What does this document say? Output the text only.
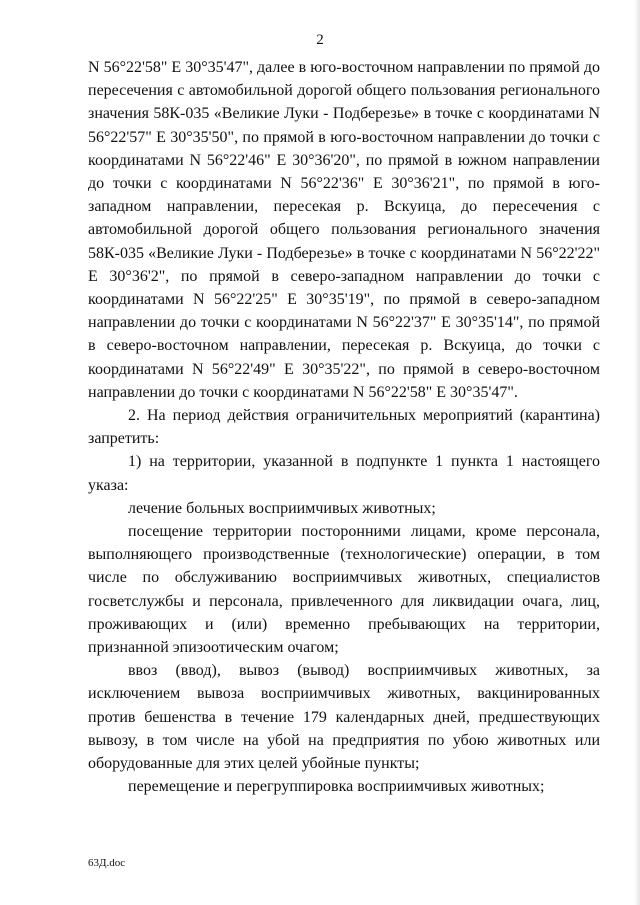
2

N 56°22'58" E 30°35'47", далее в юго-восточном направлении по прямой до пересечения с автомобильной дорогой общего пользования регионального значения 58К-035 «Великие Луки - Подберезье» в точке с координатами N 56°22'57" E 30°35'50", по прямой в юго-восточном направлении до точки с координатами N 56°22'46" E 30°36'20", по прямой в южном направлении до точки с координатами N 56°22'36" E 30°36'21", по прямой в юго-западном направлении, пересекая р. Вскуица, до пересечения с автомобильной дорогой общего пользования регионального значения 58К-035 «Великие Луки - Подберезье» в точке с координатами N 56°22'22" E 30°36'2", по прямой в северо-западном направлении до точки с координатами N 56°22'25" E 30°35'19", по прямой в северо-западном направлении до точки с координатами N 56°22'37" E 30°35'14", по прямой в северо-восточном направлении, пересекая р. Вскуица, до точки с координатами N 56°22'49" E 30°35'22", по прямой в северо-восточном направлении до точки с координатами N 56°22'58" E 30°35'47".

2. На период действия ограничительных мероприятий (карантина) запретить:

1) на территории, указанной в подпункте 1 пункта 1 настоящего указа:

лечение больных восприимчивых животных;

посещение территории посторонними лицами, кроме персонала, выполняющего производственные (технологические) операции, в том числе по обслуживанию восприимчивых животных, специалистов госветслужбы и персонала, привлеченного для ликвидации очага, лиц, проживающих и (или) временно пребывающих на территории, признанной эпизоотическим очагом;

ввоз (ввод), вывоз (вывод) восприимчивых животных, за исключением вывоза восприимчивых животных, вакцинированных против бешенства в течение 179 календарных дней, предшествующих вывозу, в том числе на убой на предприятия по убою животных или оборудованные для этих целей убойные пункты;

перемещение и перегруппировка восприимчивых животных;

63Д.doc
